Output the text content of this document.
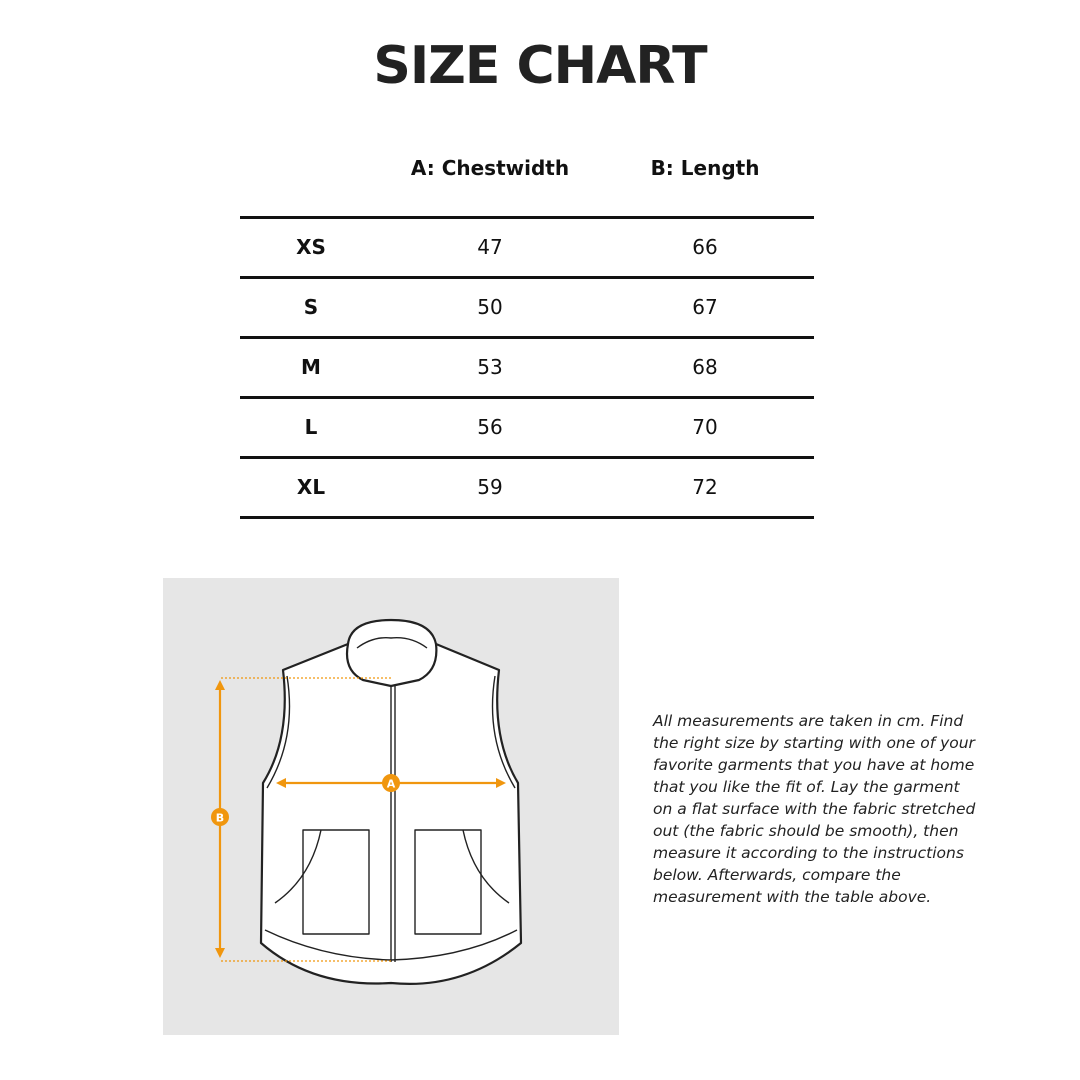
SIZE CHART
A: Chestwidth	B: Length
XS	47	66
S	50	67
M	53	68
L	56	70
XL	59	72
B
A

All measurements are taken in cm. Find the right size by starting with one of your favorite garments that you have at home that you like the fit of. Lay the garment on a flat surface with the fabric stretched out (the fabric should be smooth), then measure it according to the instructions below. Afterwards, compare the measurement with the table above.
